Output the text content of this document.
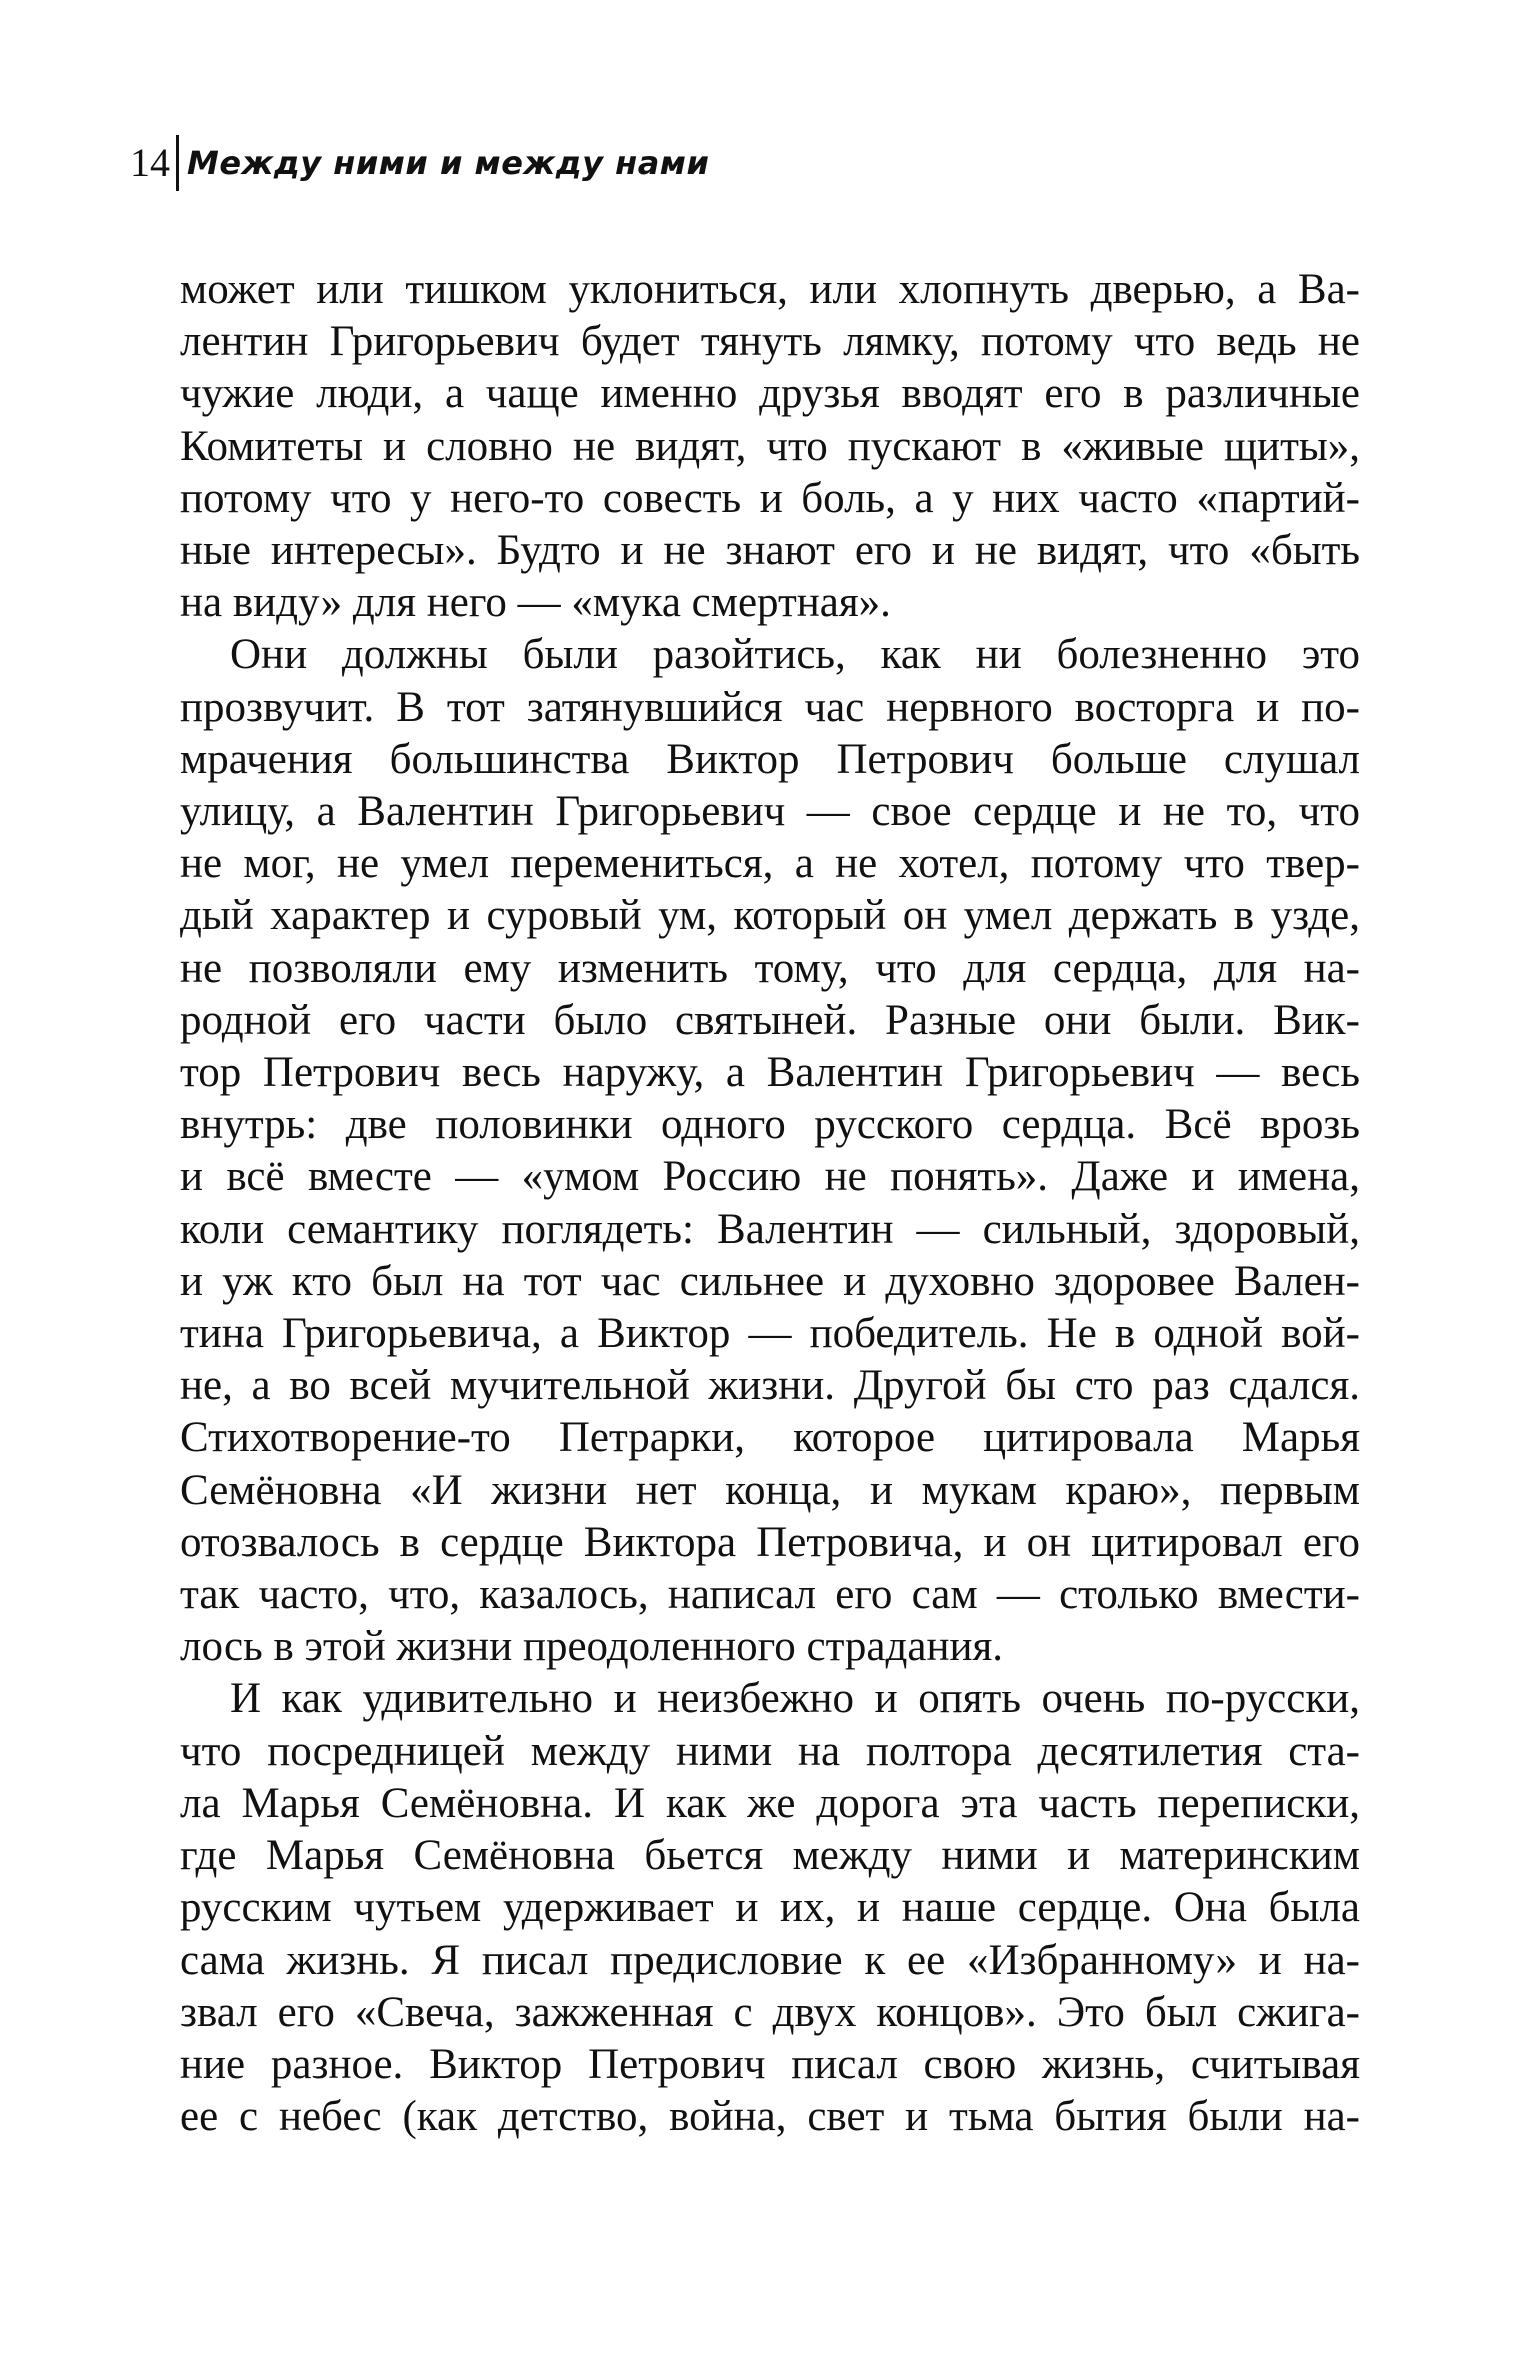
14 Между ними и между нами
может или тишком уклониться, или хлопнуть дверью, а Ва-
лентин Григорьевич будет тянуть лямку, потому что ведь не
чужие люди, а чаще именно друзья вводят его в различные
Комитеты и словно не видят, что пускают в «живые щиты»,
потому что у него-то совесть и боль, а у них часто «партий-
ные интересы». Будто и не знают его и не видят, что «быть
на виду» для него — «мука смертная».
Они должны были разойтись, как ни болезненно это
прозвучит. В тот затянувшийся час нервного восторга и по-
мрачения большинства Виктор Петрович больше слушал
улицу, а Валентин Григорьевич — свое сердце и не то, что
не мог, не умел перемениться, а не хотел, потому что твер-
дый характер и суровый ум, который он умел держать в узде,
не позволяли ему изменить тому, что для сердца, для на-
родной его части было святыней. Разные они были. Вик-
тор Петрович весь наружу, а Валентин Григорьевич — весь
внутрь: две половинки одного русского сердца. Всё врозь
и всё вместе — «умом Россию не понять». Даже и имена,
коли семантику поглядеть: Валентин — сильный, здоровый,
и уж кто был на тот час сильнее и духовно здоровее Вален-
тина Григорьевича, а Виктор — победитель. Не в одной вой-
не, а во всей мучительной жизни. Другой бы сто раз сдался.
Стихотворение-то Петрарки, которое цитировала Марья
Семёновна «И жизни нет конца, и мукам краю», первым
отозвалось в сердце Виктора Петровича, и он цитировал его
так часто, что, казалось, написал его сам — столько вмести-
лось в этой жизни преодоленного страдания.
И как удивительно и неизбежно и опять очень по-русски,
что посредницей между ними на полтора десятилетия ста-
ла Марья Семёновна. И как же дорога эта часть переписки,
где Марья Семёновна бьется между ними и материнским
русским чутьем удерживает и их, и наше сердце. Она была
сама жизнь. Я писал предисловие к ее «Избранному» и на-
звал его «Свеча, зажженная с двух концов». Это был сжига-
ние разное. Виктор Петрович писал свою жизнь, считывая
ее с небес (как детство, война, свет и тьма бытия были на-
